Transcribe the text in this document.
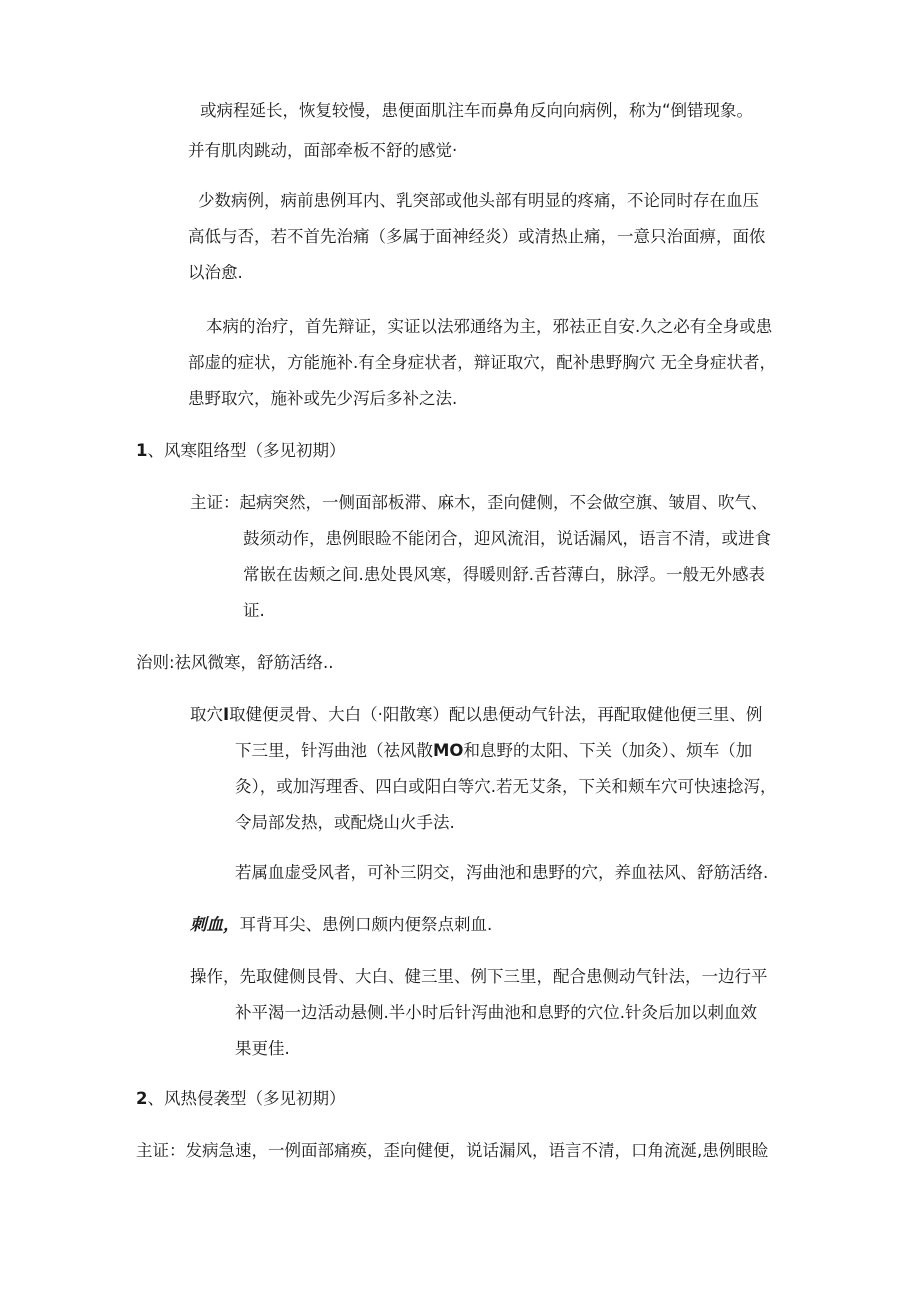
或病程延长，恢复较慢，患便面肌注车而鼻角反向向病例，称为“倒错现象。

并有肌肉跳动，面部牵板不舒的感觉·

少数病例，病前患例耳内、乳突部或他头部有明显的疼痛，不论同时存在血压

高低与否，若不首先治痛（多属于面神经炎）或清热止痛，一意只治面痹，面侬

以治愈.

本病的治疗，首先辩证，实证以法邪通络为主，邪祛正自安.久之必有全身或患

部虚的症状，方能施补.有全身症状者，辩证取穴，配补患野胸穴 无全身症状者，

患野取穴，施补或先少泻后多补之法.

1、风寒阻络型（多见初期）

主证：起病突然，一侧面部板滞、麻木，歪向健侧，不会做空旗、皱眉、吹气、

鼓须动作，患例眼睑不能闭合，迎风流泪，说话漏风，语言不清，或进食

常嵌在齿颊之间.患处畏风寒，得暖则舒.舌苔薄白，脉浮。一般无外感表

证.

治则:祛风微寒，舒筋活络..

取穴I取健便灵骨、大白（·阳散寒）配以患便动气针法，再配取健他便三里、例

下三里，针泻曲池（祛风散MO和息野的太阳、下关（加灸）、烦车（加

灸），或加泻理香、四白或阳白等穴.若无艾条，下关和颊车穴可快速捻泻，

令局部发热，或配烧山火手法.

若属血虚受风者，可补三阴交，泻曲池和患野的穴，养血祛风、舒筋活络.

刺血，耳背耳尖、患例口颇内便祭点刺血.

操作，先取健侧艮骨、大白、健三里、例下三里，配合患侧动气针法，一边行平

补平渴一边活动悬侧.半小时后针泻曲池和息野的穴位.针灸后加以刺血效

果更佳.

2、风热侵袭型（多见初期）

主证：发病急速，一例面部痛痪，歪向健便，说话漏风，语言不清，口角流涎,患例眼睑
